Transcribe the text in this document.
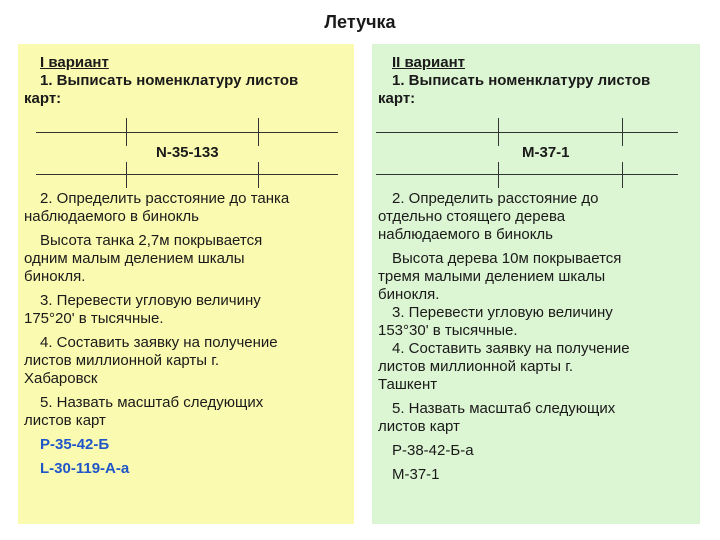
Летучка
I вариант
1. Выписать номенклатуру листов
карт:
N-35-133
2. Определить расстояние до танка
наблюдаемого в бинокль
Высота танка 2,7м покрывается
одним малым делением шкалы
бинокля.
3. Перевести угловую величину
175°20' в тысячные.
4. Составить заявку на получение
листов миллионной карты г.
Хабаровск
5. Назвать масштаб следующих
листов карт
Р-35-42-Б
L-30-119-А-а
II вариант
1. Выписать номенклатуру листов
карт:
М-37-1
2. Определить расстояние до
отдельно стоящего дерева
наблюдаемого в бинокль
Высота дерева 10м покрывается
тремя малыми делением шкалы
бинокля.
3. Перевести угловую величину
153°30' в тысячные.
4. Составить заявку на получение
листов миллионной карты г.
Ташкент
5. Назвать масштаб следующих
листов карт
Р-38-42-Б-а
М-37-1
